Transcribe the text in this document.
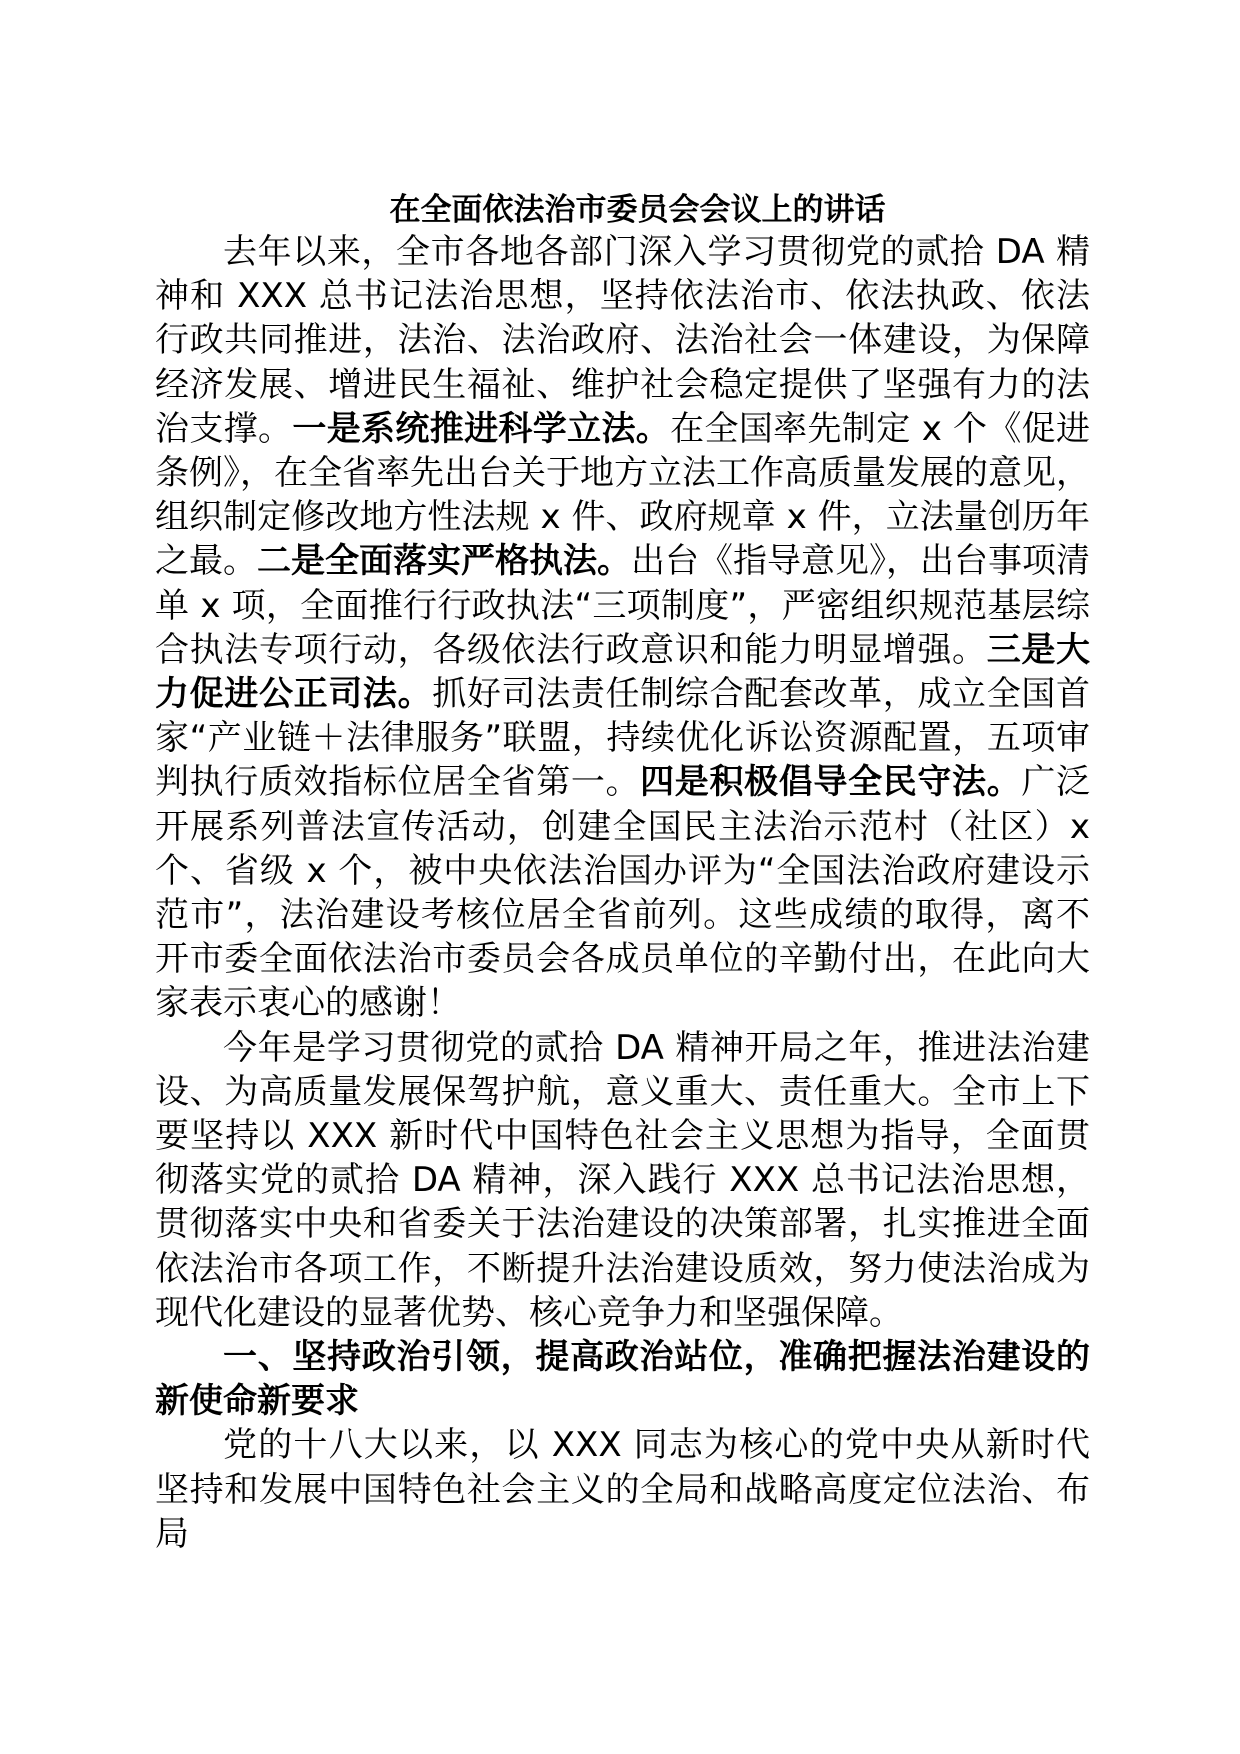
在全面依法治市委员会会议上的讲话

去年以来，全市各地各部门深入学习贯彻党的贰拾 DA 精神和 XXX 总书记法治思想，坚持依法治市、依法执政、依法行政共同推进，法治、法治政府、法治社会一体建设，为保障经济发展、增进民生福祉、维护社会稳定提供了坚强有力的法治支撑。一是系统推进科学立法。在全国率先制定 x 个《促进条例》，在全省率先出台关于地方立法工作高质量发展的意见，组织制定修改地方性法规 x 件、政府规章 x 件，立法量创历年之最。二是全面落实严格执法。出台《指导意见》，出台事项清单 x 项，全面推行行政执法“三项制度”，严密组织规范基层综合执法专项行动，各级依法行政意识和能力明显增强。三是大力促进公正司法。抓好司法责任制综合配套改革，成立全国首家“产业链＋法律服务”联盟，持续优化诉讼资源配置，五项审判执行质效指标位居全省第一。四是积极倡导全民守法。广泛开展系列普法宣传活动，创建全国民主法治示范村（社区）x 个、省级 x 个，被中央依法治国办评为“全国法治政府建设示范市”，法治建设考核位居全省前列。这些成绩的取得，离不开市委全面依法治市委员会各成员单位的辛勤付出，在此向大家表示衷心的感谢！

今年是学习贯彻党的贰拾 DA 精神开局之年，推进法治建设、为高质量发展保驾护航，意义重大、责任重大。全市上下要坚持以 XXX 新时代中国特色社会主义思想为指导，全面贯彻落实党的贰拾 DA 精神，深入践行 XXX 总书记法治思想，贯彻落实中央和省委关于法治建设的决策部署，扎实推进全面依法治市各项工作，不断提升法治建设质效，努力使法治成为现代化建设的显著优势、核心竞争力和坚强保障。

一、坚持政治引领，提高政治站位，准确把握法治建设的新使命新要求

党的十八大以来，以 XXX 同志为核心的党中央从新时代坚持和发展中国特色社会主义的全局和战略高度定位法治、布局
